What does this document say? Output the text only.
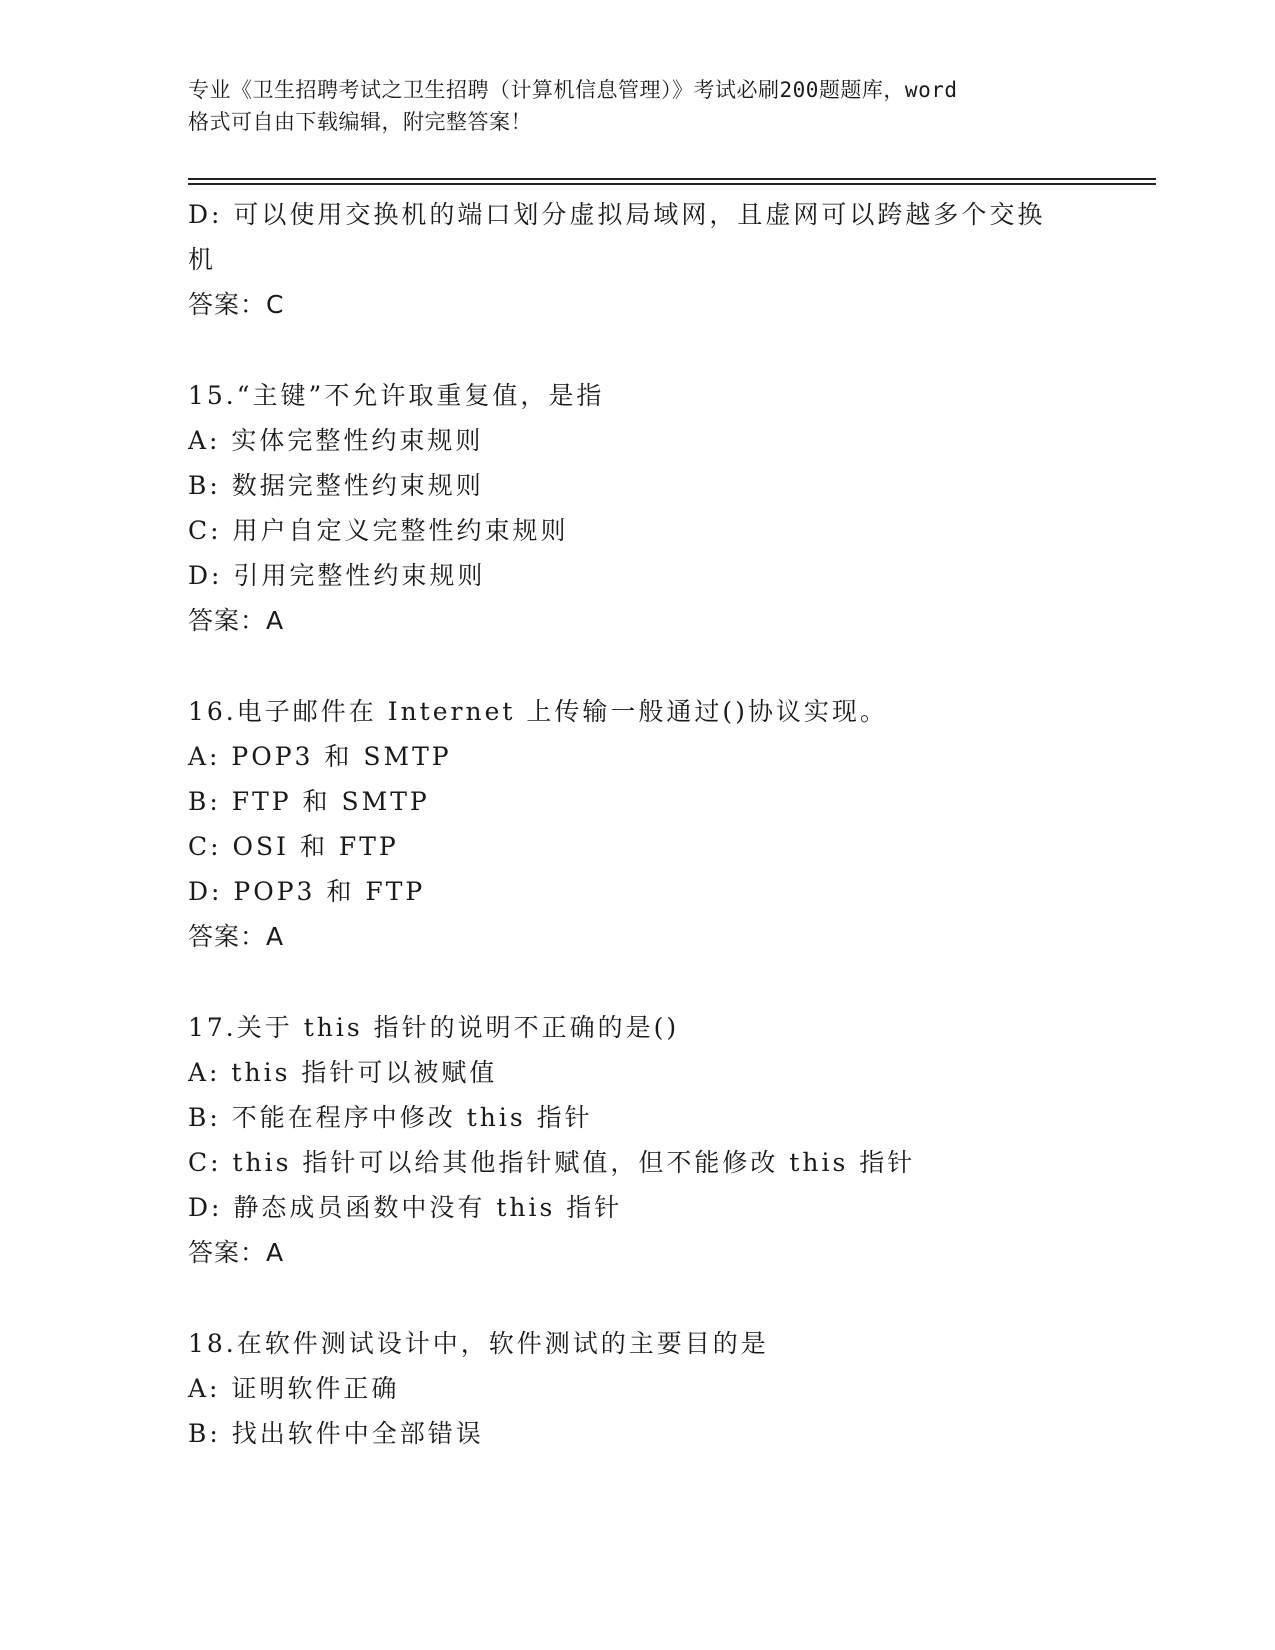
专业《卫生招聘考试之卫生招聘（计算机信息管理）》考试必刷200题题库，word
格式可自由下载编辑，附完整答案！
D: 可以使用交换机的端口划分虚拟局域网，且虚网可以跨越多个交换
机
答案：C
15.“主键”不允许取重复值，是指
A: 实体完整性约束规则
B: 数据完整性约束规则
C: 用户自定义完整性约束规则
D: 引用完整性约束规则
答案：A
16.电子邮件在 Internet 上传输一般通过()协议实现。
A: POP3 和 SMTP
B: FTP 和 SMTP
C: OSI 和 FTP
D: POP3 和 FTP
答案：A
17.关于 this 指针的说明不正确的是()
A: this 指针可以被赋值
B: 不能在程序中修改 this 指针
C: this 指针可以给其他指针赋值，但不能修改 this 指针
D: 静态成员函数中没有 this 指针
答案：A
18.在软件测试设计中，软件测试的主要目的是
A: 证明软件正确
B: 找出软件中全部错误
